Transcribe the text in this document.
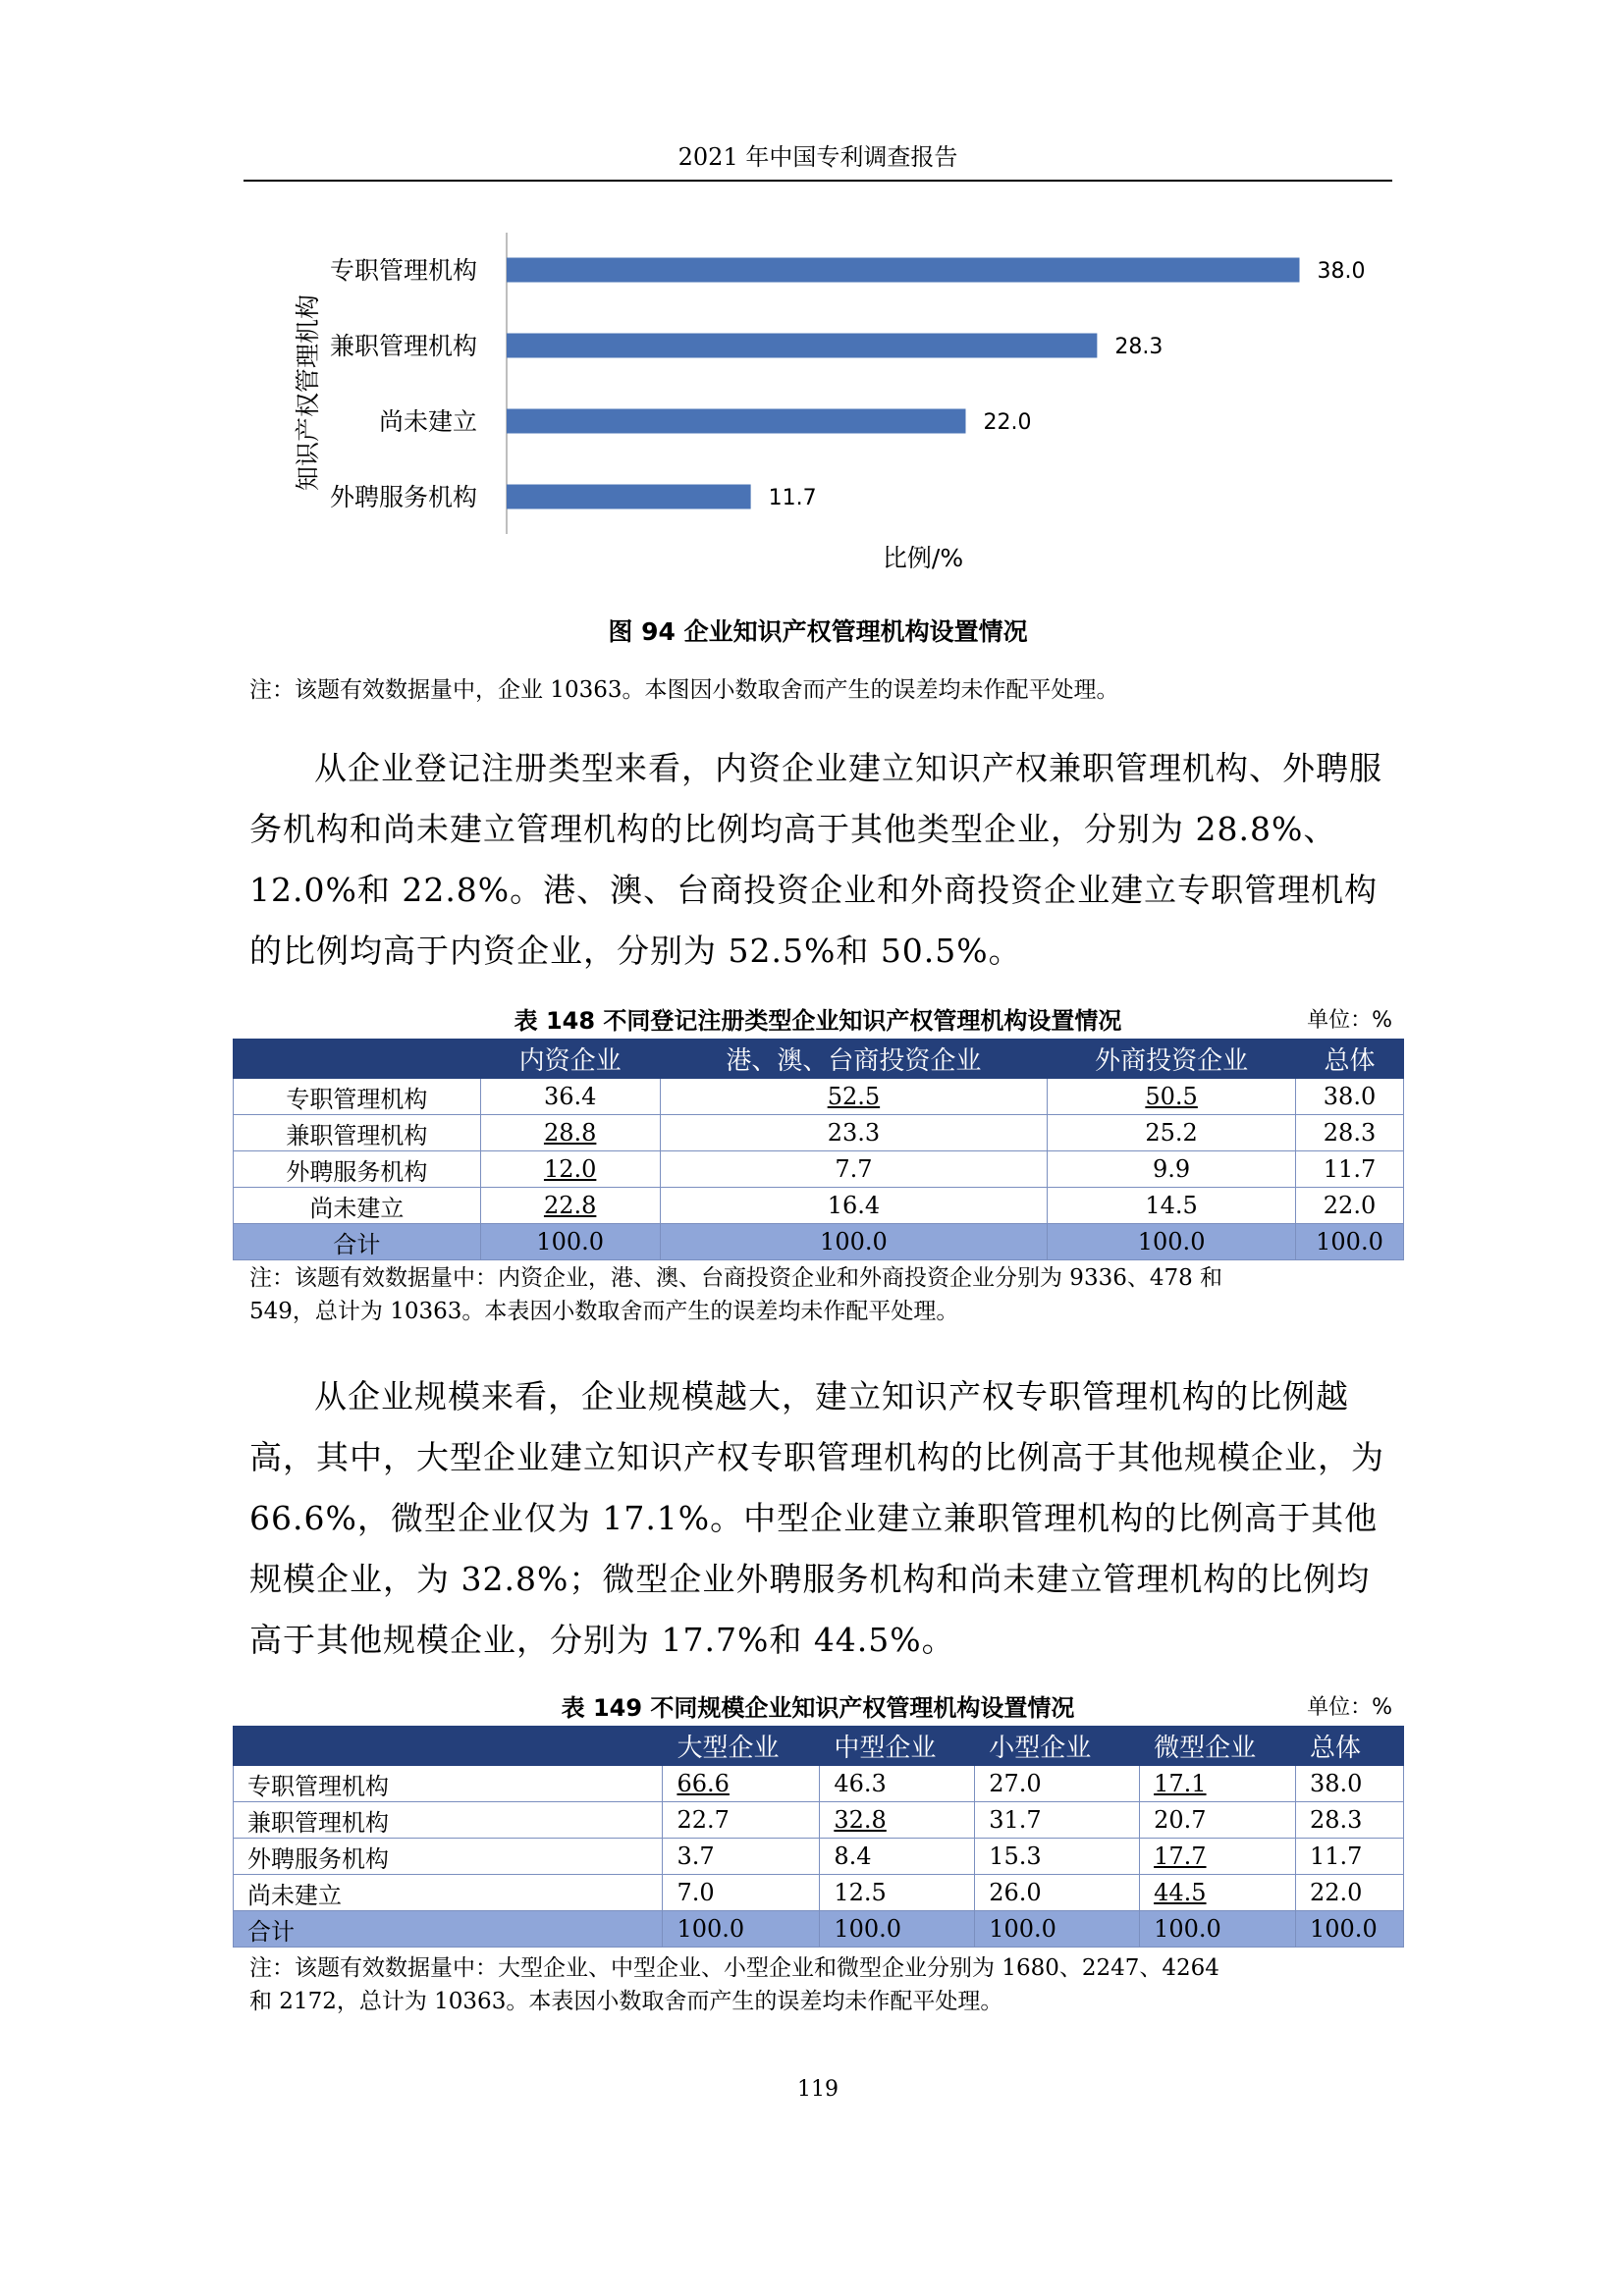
2021 年中国专利调查报告
知识产权管理机构
专职管理机构	38.0
兼职管理机构	28.3
尚未建立	22.0
外聘服务机构	11.7
比例/%
图 94 企业知识产权管理机构设置情况
注：该题有效数据量中，企业 10363。本图因小数取舍而产生的误差均未作配平处理。
从企业登记注册类型来看，内资企业建立知识产权兼职管理机构、外聘服务机构和尚未建立管理机构的比例均高于其他类型企业，分别为 28.8%、12.0%和 22.8%。港、澳、台商投资企业和外商投资企业建立专职管理机构的比例均高于内资企业，分别为 52.5%和 50.5%。
表 148 不同登记注册类型企业知识产权管理机构设置情况	单位：%
	内资企业	港、澳、台商投资企业	外商投资企业	总体
专职管理机构	36.4	52.5	50.5	38.0
兼职管理机构	28.8	23.3	25.2	28.3
外聘服务机构	12.0	7.7	9.9	11.7
尚未建立	22.8	16.4	14.5	22.0
合计	100.0	100.0	100.0	100.0
注：该题有效数据量中：内资企业，港、澳、台商投资企业和外商投资企业分别为 9336、478 和
549，总计为 10363。本表因小数取舍而产生的误差均未作配平处理。
从企业规模来看，企业规模越大，建立知识产权专职管理机构的比例越高，其中，大型企业建立知识产权专职管理机构的比例高于其他规模企业，为 66.6%，微型企业仅为 17.1%。中型企业建立兼职管理机构的比例高于其他规模企业，为 32.8%；微型企业外聘服务机构和尚未建立管理机构的比例均高于其他规模企业，分别为 17.7%和 44.5%。
表 149 不同规模企业知识产权管理机构设置情况	单位：%
	大型企业	中型企业	小型企业	微型企业	总体
专职管理机构	66.6	46.3	27.0	17.1	38.0
兼职管理机构	22.7	32.8	31.7	20.7	28.3
外聘服务机构	3.7	8.4	15.3	17.7	11.7
尚未建立	7.0	12.5	26.0	44.5	22.0
合计	100.0	100.0	100.0	100.0	100.0
注：该题有效数据量中：大型企业、中型企业、小型企业和微型企业分别为 1680、2247、4264
和 2172，总计为 10363。本表因小数取舍而产生的误差均未作配平处理。
119
